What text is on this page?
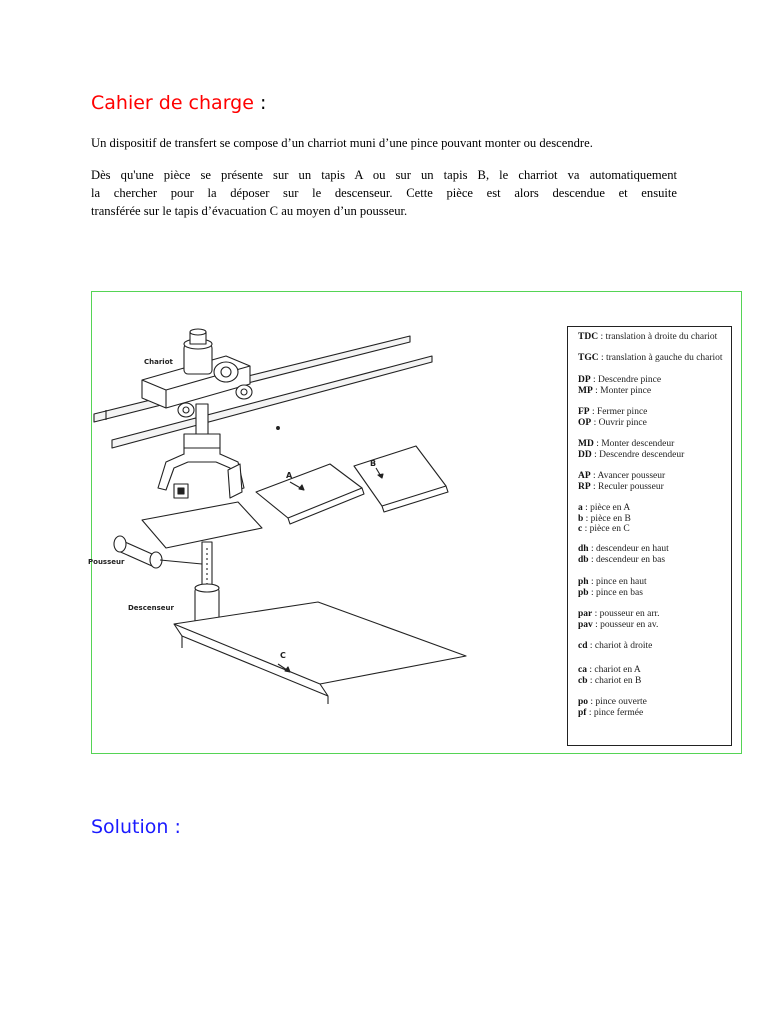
Cahier de charge :
Un dispositif de transfert se compose d’un charriot muni d’une pince pouvant monter ou descendre.
Dès qu'une pièce se présente sur un tapis A ou sur un tapis B, le charriot va automatiquement
la chercher pour la déposer sur le descenseur. Cette pièce est alors descendue et ensuite
transférée sur le tapis d’évacuation C au moyen d’un pousseur.
Chariot
Pousseur
Descenseur
A
B
C
TDC : translation à droite du chariot
TGC : translation à gauche du chariot
DP : Descendre pince
MP : Monter pince
FP : Fermer pince
OP : Ouvrir pince
MD : Monter descendeur
DD : Descendre descendeur
AP : Avancer pousseur
RP : Reculer pousseur
a : pièce en A
b : pièce en B
c : pièce en C
dh : descendeur en haut
db : descendeur en bas
ph : pince en haut
pb : pince en bas
par : pousseur en arr.
pav : pousseur en av.
cd : chariot à droite
ca : chariot en A
cb : chariot en B
po : pince ouverte
pf : pince fermée
Solution :
